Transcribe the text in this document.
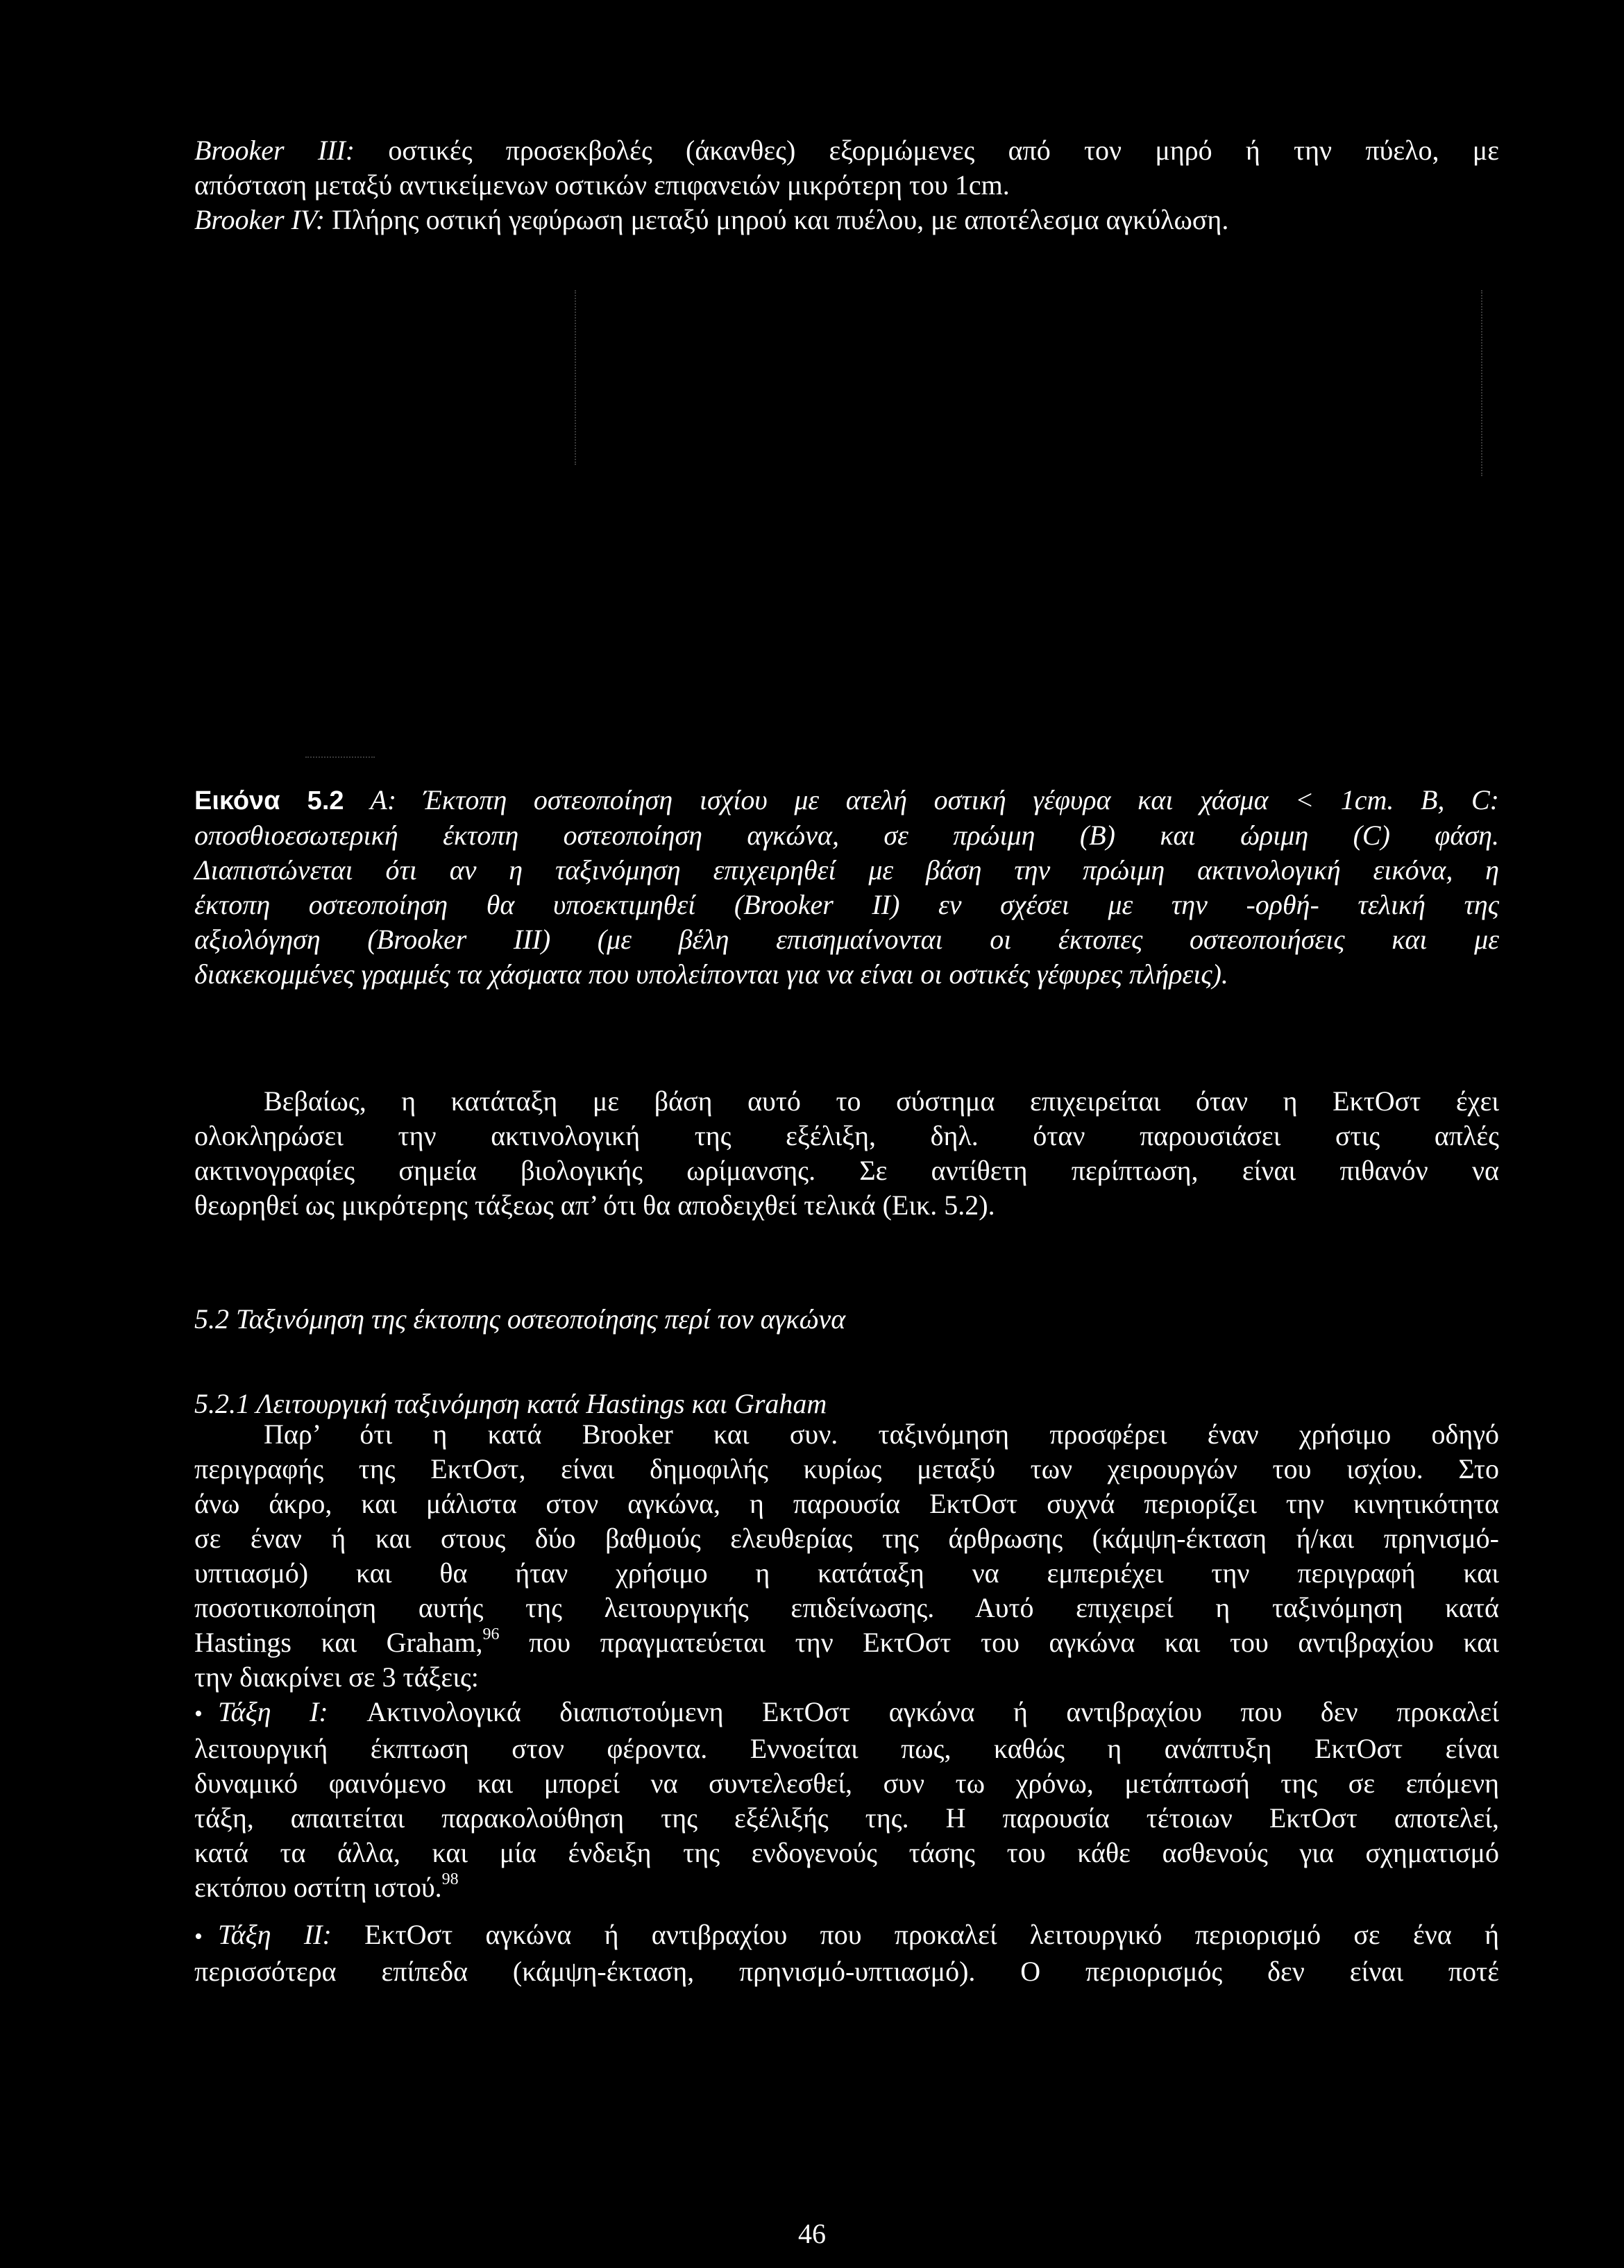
Brooker III: οστικές προσεκβολές (άκανθες) εξορμώμενες από τον μηρό ή την πύελο, με
απόσταση μεταξύ αντικείμενων οστικών επιφανειών μικρότερη του 1cm.
Brooker IV: Πλήρης οστική γεφύρωση μεταξύ μηρού και πυέλου, με αποτέλεσμα αγκύλωση.
Εικόνα 5.2 Α: Έκτοπη οστεοποίηση ισχίου με ατελή οστική γέφυρα και χάσμα < 1cm. Β, C:
οποσθιοεσωτερική έκτοπη οστεοποίηση αγκώνα, σε πρώιμη (Β) και ώριμη (C) φάση.
Διαπιστώνεται ότι αν η ταξινόμηση επιχειρηθεί με βάση την πρώιμη ακτινολογική εικόνα, η
έκτοπη οστεοποίηση θα υποεκτιμηθεί (Brooker II) εν σχέσει με την -ορθή- τελική της
αξιολόγηση (Brooker III) (με βέλη επισημαίνονται οι έκτοπες οστεοποιήσεις και με
διακεκομμένες γραμμές τα χάσματα που υπολείπονται για να είναι οι οστικές γέφυρες πλήρεις).
Βεβαίως, η κατάταξη με βάση αυτό το σύστημα επιχειρείται όταν η ΕκτΟστ έχει
ολοκληρώσει την ακτινολογική της εξέλιξη, δηλ. όταν παρουσιάσει στις απλές
ακτινογραφίες σημεία βιολογικής ωρίμανσης. Σε αντίθετη περίπτωση, είναι πιθανόν να
θεωρηθεί ως μικρότερης τάξεως απ’ ότι θα αποδειχθεί τελικά (Εικ. 5.2).
5.2 Ταξινόμηση της έκτοπης οστεοποίησης περί τον αγκώνα
5.2.1 Λειτουργική ταξινόμηση κατά Hastings και Graham
Παρ’ ότι η κατά Brooker και συν. ταξινόμηση προσφέρει έναν χρήσιμο οδηγό
περιγραφής της ΕκτΟστ, είναι δημοφιλής κυρίως μεταξύ των χειρουργών του ισχίου. Στο
άνω άκρο, και μάλιστα στον αγκώνα, η παρουσία ΕκτΟστ συχνά περιορίζει την κινητικότητα
σε έναν ή και στους δύο βαθμούς ελευθερίας της άρθρωσης (κάμψη-έκταση ή/και πρηνισμό-
υπτιασμό) και θα ήταν χρήσιμο η κατάταξη να εμπεριέχει την περιγραφή και
ποσοτικοποίηση αυτής της λειτουργικής επιδείνωσης. Αυτό επιχειρεί η ταξινόμηση κατά
Hastings και Graham,$^{96}$ που πραγματεύεται την ΕκτΟστ του αγκώνα και του αντιβραχίου και
την διακρίνει σε 3 τάξεις:
• Τάξη I: Ακτινολογικά διαπιστούμενη ΕκτΟστ αγκώνα ή αντιβραχίου που δεν προκαλεί
λειτουργική έκπτωση στον φέροντα. Εννοείται πως, καθώς η ανάπτυξη ΕκτΟστ είναι
δυναμικό φαινόμενο και μπορεί να συντελεσθεί, συν τω χρόνω, μετάπτωσή της σε επόμενη
τάξη, απαιτείται παρακολούθηση της εξέλιξής της. Η παρουσία τέτοιων ΕκτΟστ αποτελεί,
κατά τα άλλα, και μία ένδειξη της ενδογενούς τάσης του κάθε ασθενούς για σχηματισμό
εκτόπου οστίτη ιστού.$^{98}$
• Τάξη II: ΕκτΟστ αγκώνα ή αντιβραχίου που προκαλεί λειτουργικό περιορισμό σε ένα ή
περισσότερα επίπεδα (κάμψη-έκταση, πρηνισμό-υπτιασμό). Ο περιορισμός δεν είναι ποτέ
46
